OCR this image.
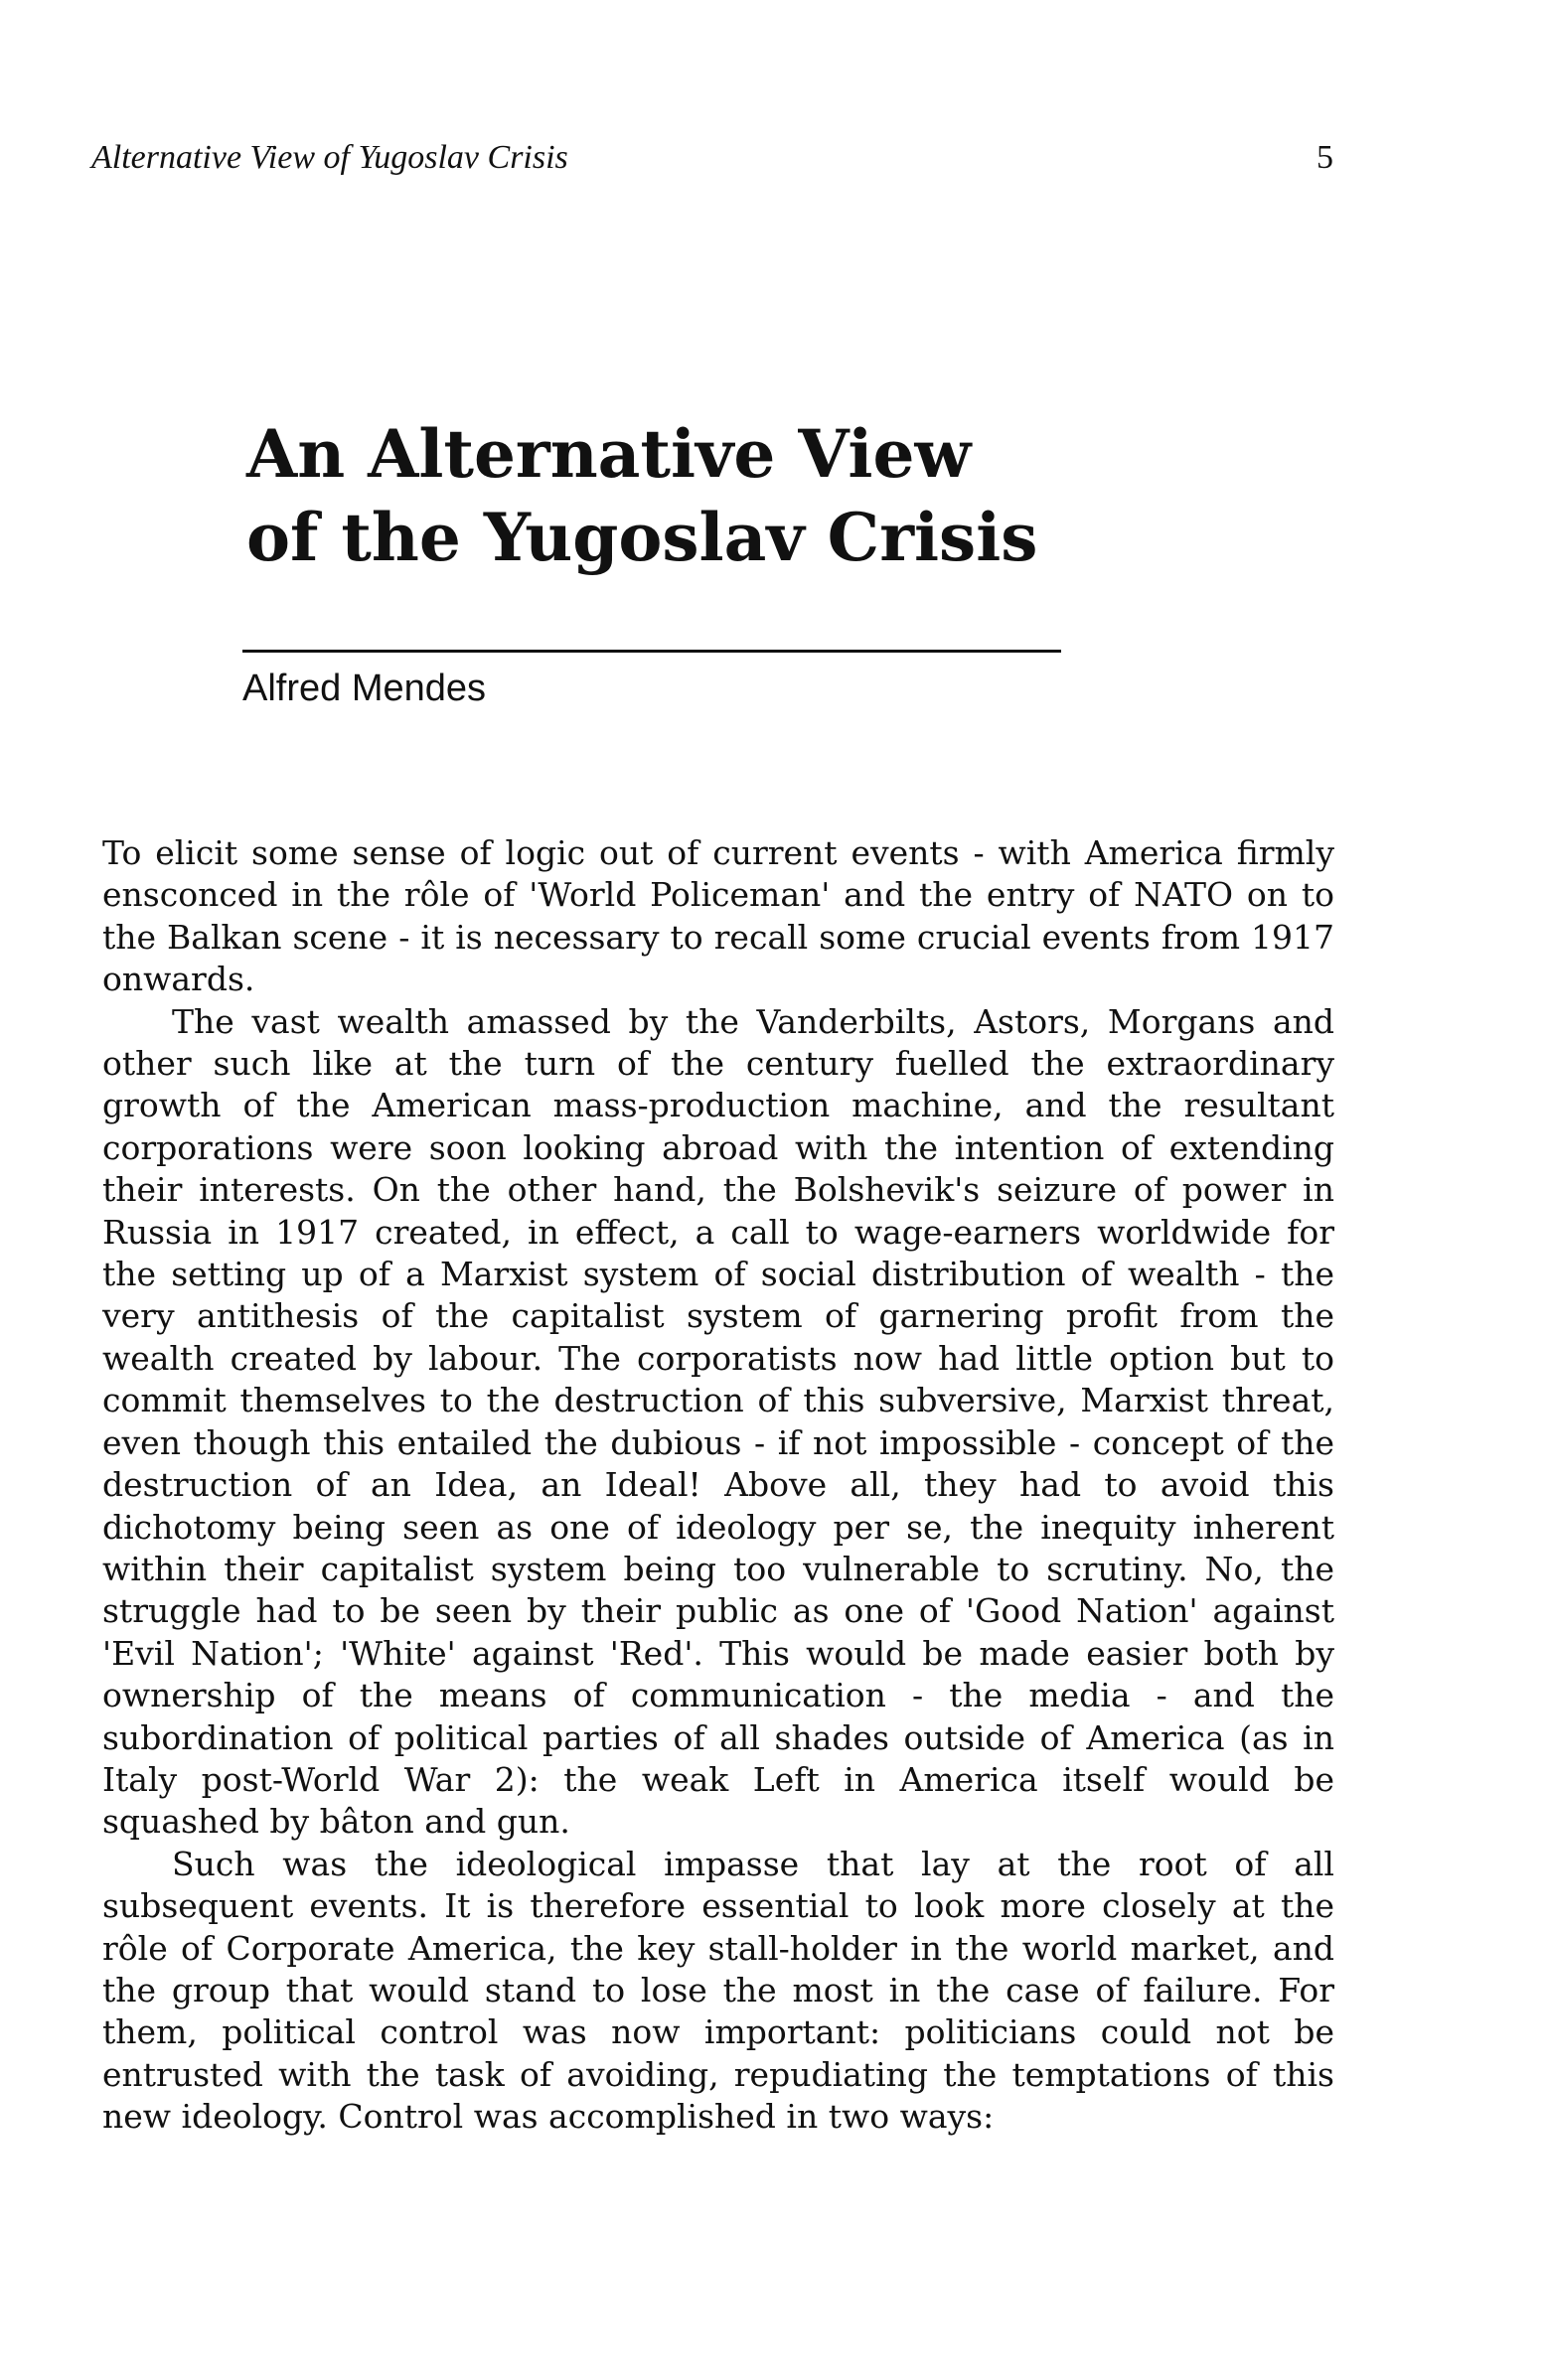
Alternative View of Yugoslav Crisis	5
An Alternative View
of the Yugoslav Crisis
Alfred Mendes

To elicit some sense of logic out of current events - with America firmly ensconced in the rôle of 'World Policeman' and the entry of NATO on to the Balkan scene - it is necessary to recall some crucial events from 1917 onwards.

The vast wealth amassed by the Vanderbilts, Astors, Morgans and other such like at the turn of the century fuelled the extraordinary growth of the American mass-production machine, and the resultant corporations were soon looking abroad with the intention of extending their interests. On the other hand, the Bolshevik's seizure of power in Russia in 1917 created, in effect, a call to wage-earners worldwide for the setting up of a Marxist system of social distribution of wealth - the very antithesis of the capitalist system of garnering profit from the wealth created by labour. The corporatists now had little option but to commit themselves to the destruction of this subversive, Marxist threat, even though this entailed the dubious - if not impossible - concept of the destruction of an Idea, an Ideal! Above all, they had to avoid this dichotomy being seen as one of ideology per se, the inequity inherent within their capitalist system being too vulnerable to scrutiny. No, the struggle had to be seen by their public as one of 'Good Nation' against 'Evil Nation'; 'White' against 'Red'. This would be made easier both by ownership of the means of communication - the media - and the subordination of political parties of all shades outside of America (as in Italy post-World War 2): the weak Left in America itself would be squashed by bâton and gun.

Such was the ideological impasse that lay at the root of all subsequent events. It is therefore essential to look more closely at the rôle of Corporate America, the key stall-holder in the world market, and the group that would stand to lose the most in the case of failure. For them, political control was now important: politicians could not be entrusted with the task of avoiding, repudiating the temptations of this new ideology. Control was accomplished in two ways:
